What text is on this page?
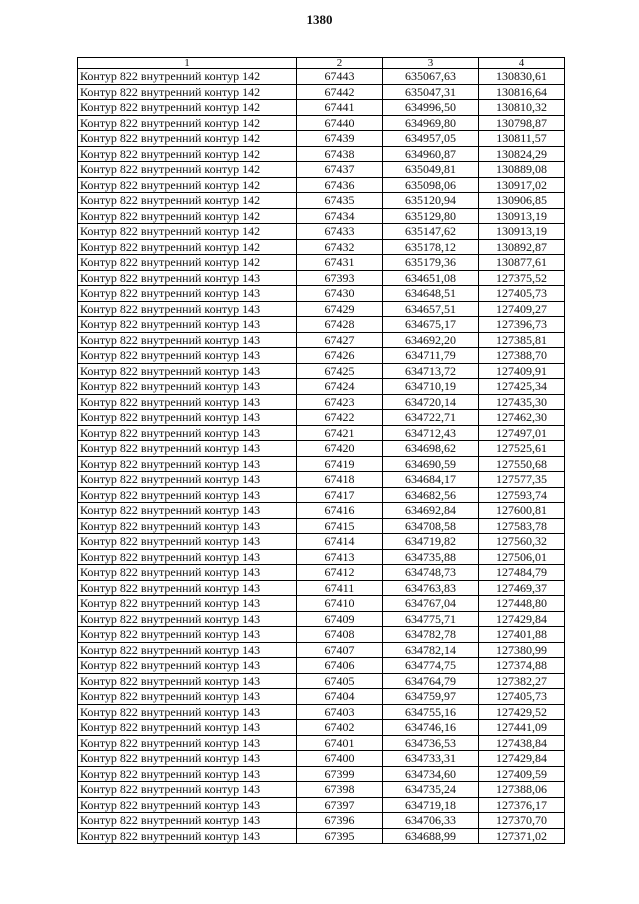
1380
1	2	3	4
Контур 822 внутренний контур 142	67443	635067,63	130830,61
Контур 822 внутренний контур 142	67442	635047,31	130816,64
Контур 822 внутренний контур 142	67441	634996,50	130810,32
Контур 822 внутренний контур 142	67440	634969,80	130798,87
Контур 822 внутренний контур 142	67439	634957,05	130811,57
Контур 822 внутренний контур 142	67438	634960,87	130824,29
Контур 822 внутренний контур 142	67437	635049,81	130889,08
Контур 822 внутренний контур 142	67436	635098,06	130917,02
Контур 822 внутренний контур 142	67435	635120,94	130906,85
Контур 822 внутренний контур 142	67434	635129,80	130913,19
Контур 822 внутренний контур 142	67433	635147,62	130913,19
Контур 822 внутренний контур 142	67432	635178,12	130892,87
Контур 822 внутренний контур 142	67431	635179,36	130877,61
Контур 822 внутренний контур 143	67393	634651,08	127375,52
Контур 822 внутренний контур 143	67430	634648,51	127405,73
Контур 822 внутренний контур 143	67429	634657,51	127409,27
Контур 822 внутренний контур 143	67428	634675,17	127396,73
Контур 822 внутренний контур 143	67427	634692,20	127385,81
Контур 822 внутренний контур 143	67426	634711,79	127388,70
Контур 822 внутренний контур 143	67425	634713,72	127409,91
Контур 822 внутренний контур 143	67424	634710,19	127425,34
Контур 822 внутренний контур 143	67423	634720,14	127435,30
Контур 822 внутренний контур 143	67422	634722,71	127462,30
Контур 822 внутренний контур 143	67421	634712,43	127497,01
Контур 822 внутренний контур 143	67420	634698,62	127525,61
Контур 822 внутренний контур 143	67419	634690,59	127550,68
Контур 822 внутренний контур 143	67418	634684,17	127577,35
Контур 822 внутренний контур 143	67417	634682,56	127593,74
Контур 822 внутренний контур 143	67416	634692,84	127600,81
Контур 822 внутренний контур 143	67415	634708,58	127583,78
Контур 822 внутренний контур 143	67414	634719,82	127560,32
Контур 822 внутренний контур 143	67413	634735,88	127506,01
Контур 822 внутренний контур 143	67412	634748,73	127484,79
Контур 822 внутренний контур 143	67411	634763,83	127469,37
Контур 822 внутренний контур 143	67410	634767,04	127448,80
Контур 822 внутренний контур 143	67409	634775,71	127429,84
Контур 822 внутренний контур 143	67408	634782,78	127401,88
Контур 822 внутренний контур 143	67407	634782,14	127380,99
Контур 822 внутренний контур 143	67406	634774,75	127374,88
Контур 822 внутренний контур 143	67405	634764,79	127382,27
Контур 822 внутренний контур 143	67404	634759,97	127405,73
Контур 822 внутренний контур 143	67403	634755,16	127429,52
Контур 822 внутренний контур 143	67402	634746,16	127441,09
Контур 822 внутренний контур 143	67401	634736,53	127438,84
Контур 822 внутренний контур 143	67400	634733,31	127429,84
Контур 822 внутренний контур 143	67399	634734,60	127409,59
Контур 822 внутренний контур 143	67398	634735,24	127388,06
Контур 822 внутренний контур 143	67397	634719,18	127376,17
Контур 822 внутренний контур 143	67396	634706,33	127370,70
Контур 822 внутренний контур 143	67395	634688,99	127371,02
